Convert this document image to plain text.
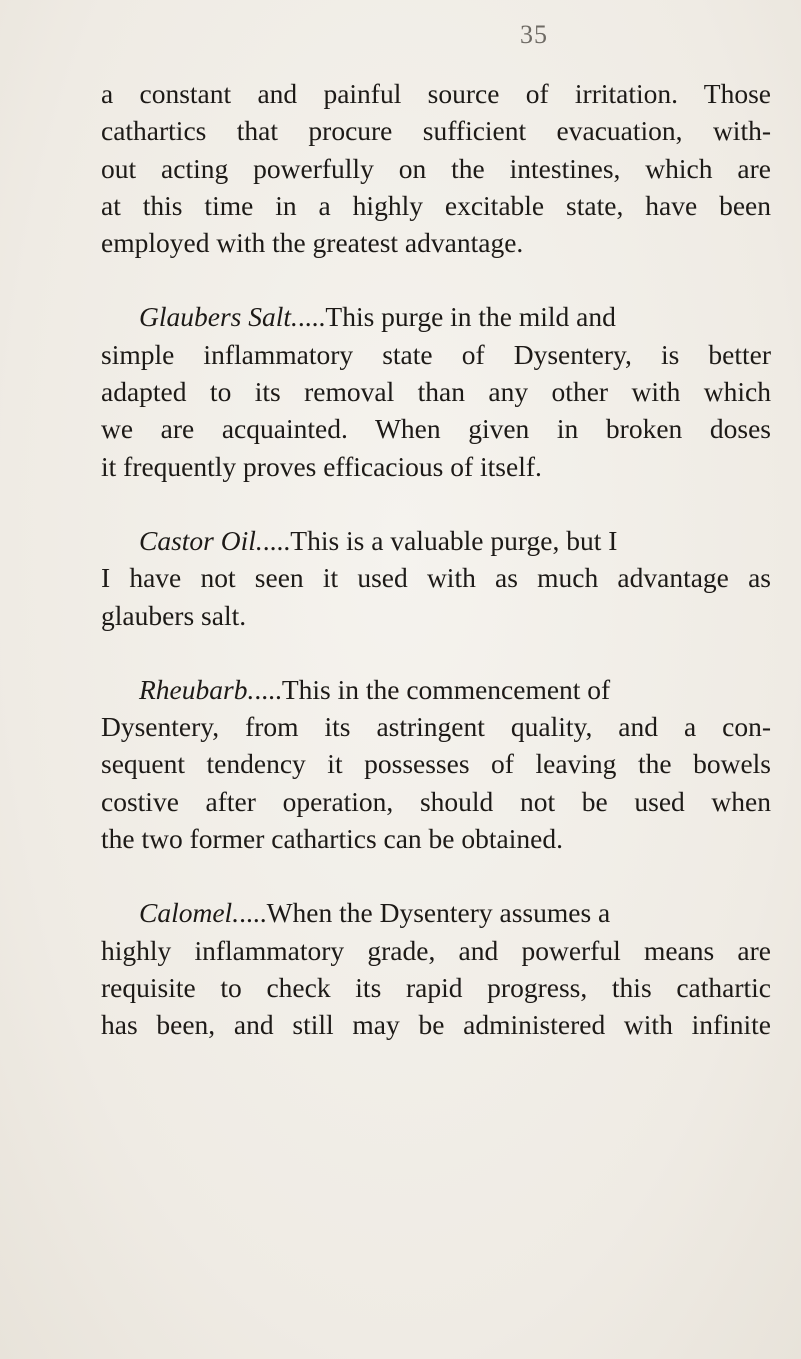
35
a constant and painful source of irritation. Those
cathartics that procure sufficient evacuation, with-
out acting powerfully on the intestines, which are
at this time in a highly excitable state, have been
employed with the greatest advantage.
Glaubers Salt.....This purge in the mild and
simple inflammatory state of Dysentery, is better
adapted to its removal than any other with which
we are acquainted. When given in broken doses
it frequently proves efficacious of itself.
Castor Oil.....This is a valuable purge, but I
I have not seen it used with as much advantage as
glaubers salt.
Rheubarb.....This in the commencement of
Dysentery, from its astringent quality, and a con-
sequent tendency it possesses of leaving the bowels
costive after operation, should not be used when
the two former cathartics can be obtained.
Calomel.....When the Dysentery assumes a
highly inflammatory grade, and powerful means are
requisite to check its rapid progress, this cathartic
has been, and still may be administered with infinite
